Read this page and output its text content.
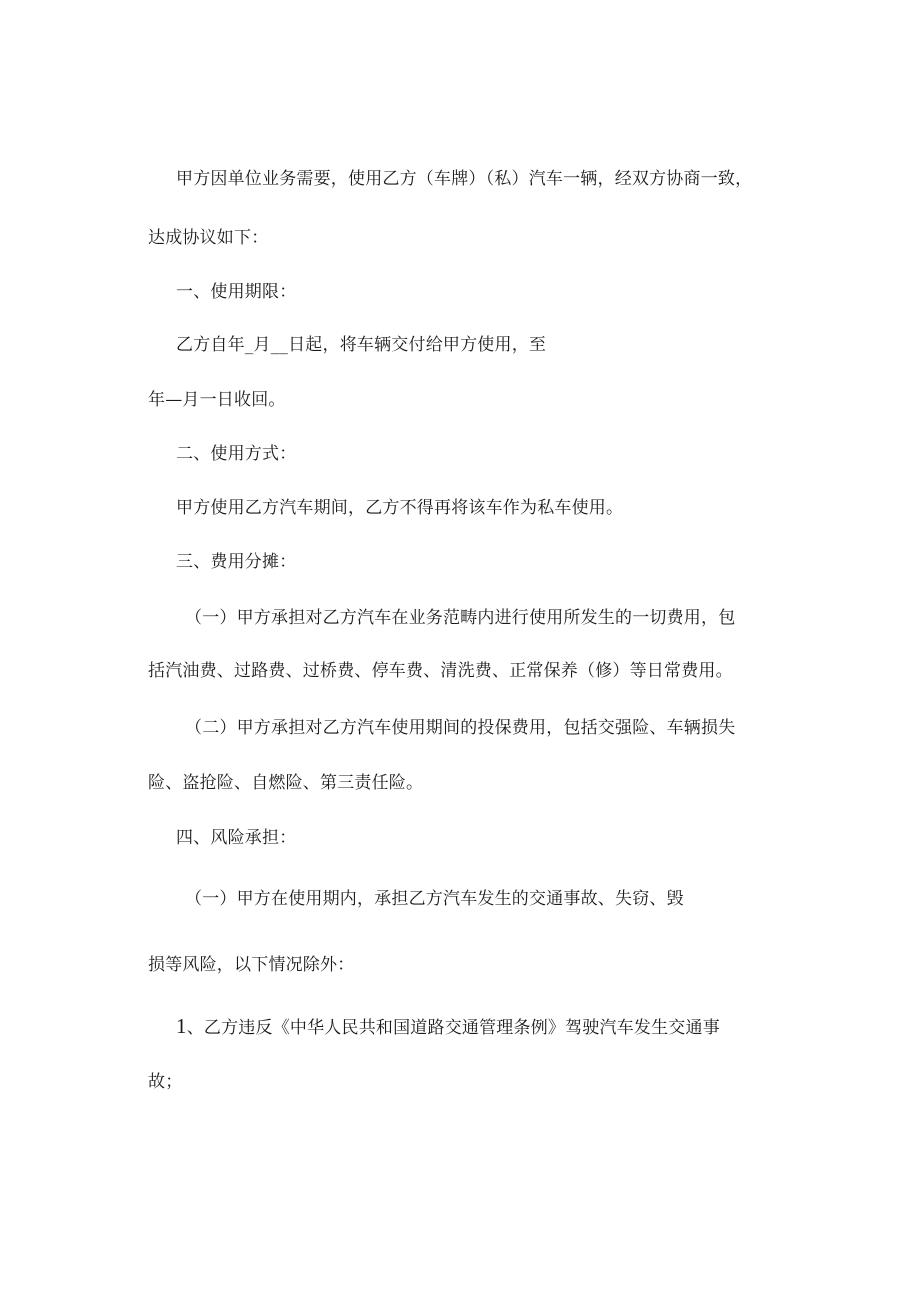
甲方因单位业务需要，使用乙方（车牌）（私）汽车一辆，经双方协商一致，
达成协议如下：
一、使用期限：
乙方自年_月__日起，将车辆交付给甲方使用，至
年—月一日收回。
二、使用方式：
甲方使用乙方汽车期间，乙方不得再将该车作为私车使用。
三、费用分摊：
（一）甲方承担对乙方汽车在业务范畴内进行使用所发生的一切费用，包
括汽油费、过路费、过桥费、停车费、清洗费、正常保养（修）等日常费用。
（二）甲方承担对乙方汽车使用期间的投保费用，包括交强险、车辆损失
险、盗抢险、自燃险、第三责任险。
四、风险承担：
（一）甲方在使用期内，承担乙方汽车发生的交通事故、失窃、毁
损等风险，以下情况除外：
1、乙方违反《中华人民共和国道路交通管理条例》驾驶汽车发生交通事
故；
